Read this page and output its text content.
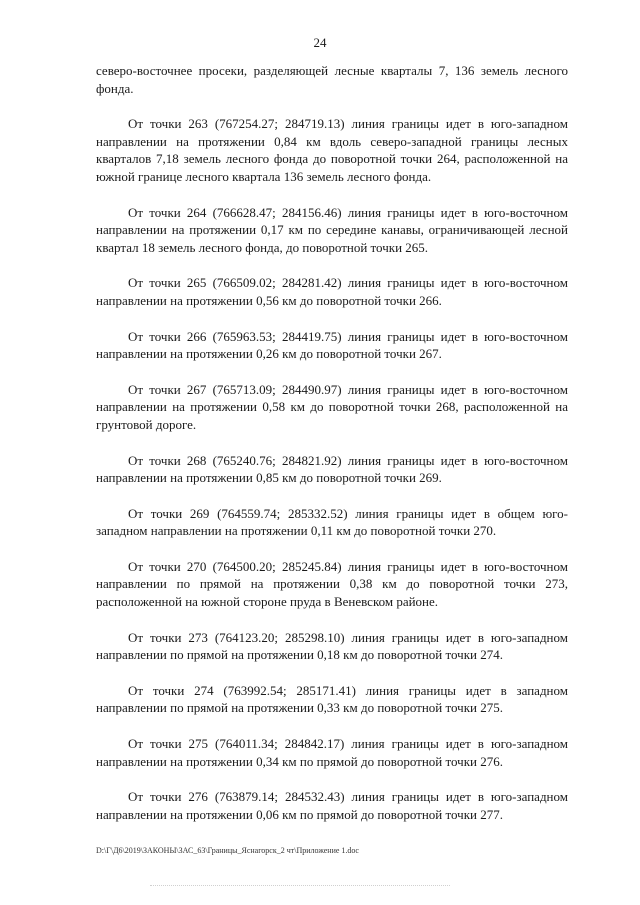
24

северо-восточнее просеки, разделяющей лесные кварталы 7, 136 земель лесного фонда.

От точки 263 (767254.27; 284719.13) линия границы идет в юго-западном направлении на протяжении 0,84 км вдоль северо-западной границы лесных кварталов 7,18 земель лесного фонда до поворотной точки 264, расположенной на южной границе лесного квартала 136 земель лесного фонда.

От точки 264 (766628.47; 284156.46) линия границы идет в юго-восточном направлении на протяжении 0,17 км по середине канавы, ограничивающей лесной квартал 18 земель лесного фонда, до поворотной точки 265.

От точки 265 (766509.02; 284281.42) линия границы идет в юго-восточном направлении на протяжении 0,56 км до поворотной точки 266.

От точки 266 (765963.53; 284419.75) линия границы идет в юго-восточном направлении на протяжении 0,26 км до поворотной точки 267.

От точки 267 (765713.09; 284490.97) линия границы идет в юго-восточном направлении на протяжении 0,58 км до поворотной точки 268, расположенной на грунтовой дороге.

От точки 268 (765240.76; 284821.92) линия границы идет в юго-восточном направлении на протяжении 0,85 км до поворотной точки 269.

От точки 269 (764559.74; 285332.52) линия границы идет в общем юго-западном направлении на протяжении 0,11 км до поворотной точки 270.

От точки 270 (764500.20; 285245.84) линия границы идет в юго-восточном направлении по прямой на протяжении 0,38 км до поворотной точки 273, расположенной на южной стороне пруда в Веневском районе.

От точки 273 (764123.20; 285298.10) линия границы идет в юго-западном направлении по прямой на протяжении 0,18 км до поворотной точки 274.

От точки 274 (763992.54; 285171.41) линия границы идет в западном направлении по прямой на протяжении 0,33 км до поворотной точки 275.

От точки 275 (764011.34; 284842.17) линия границы идет в юго-западном направлении на протяжении 0,34 км по прямой до поворотной точки 276.

От точки 276 (763879.14; 284532.43) линия границы идет в юго-западном направлении на протяжении 0,06 км по прямой до поворотной точки 277.

D:\Г\Д6\2019\ЗАКОНЫ\ЗАС_63\Границы_Яснагорск_2 чт\Приложение 1.doc
